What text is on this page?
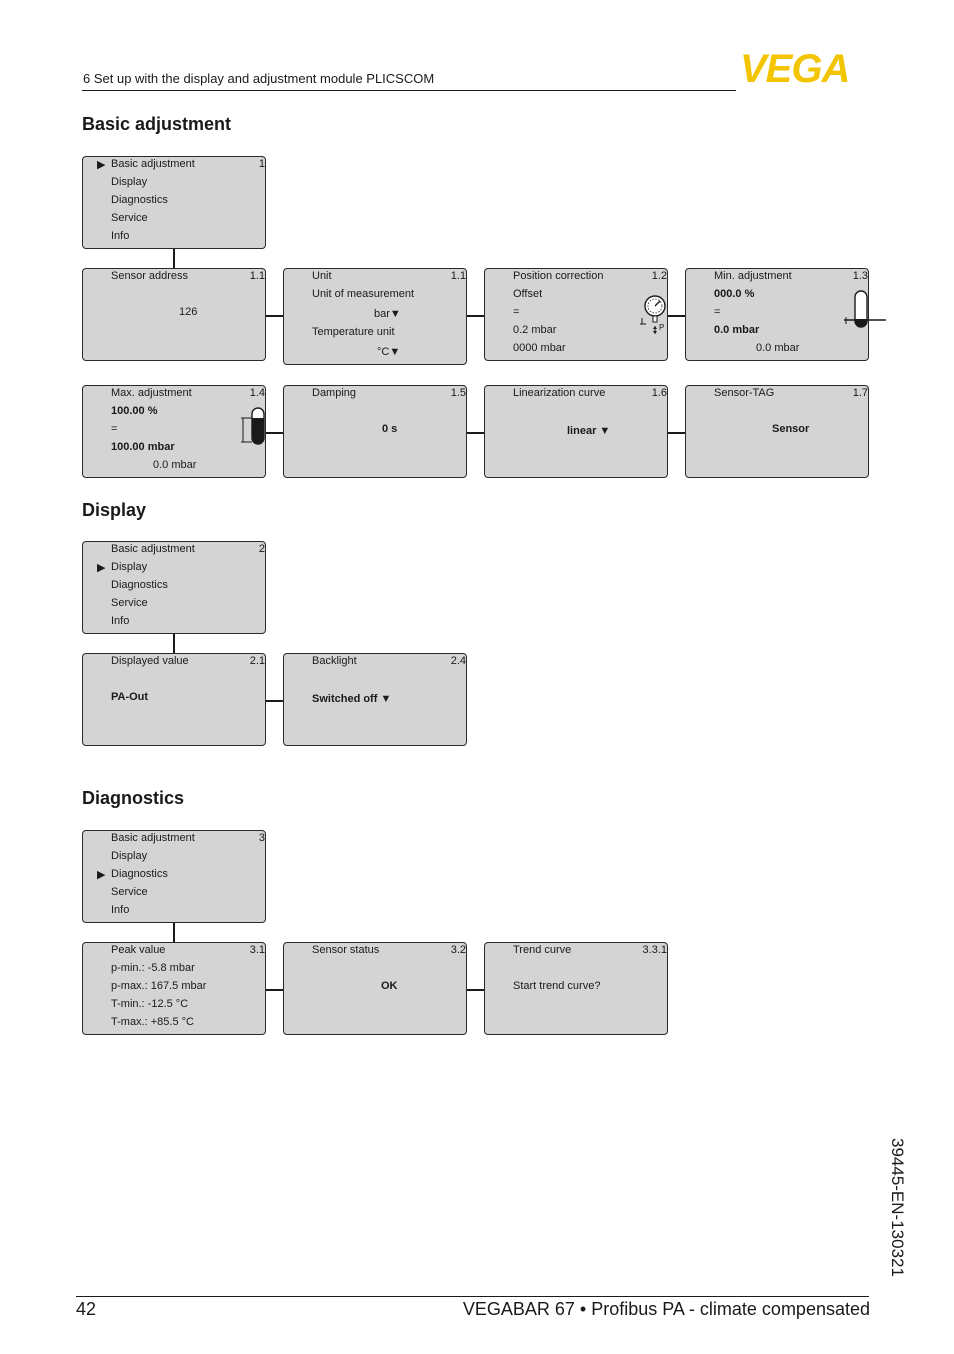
6 Set up with the display and adjustment module PLICSCOM	VEGA
Basic adjustment
▶ Basic adjustment
Display
Diagnostics
Service
Info
1
Sensor address	1.1
126
Unit	1.1
Unit of measurement
bar▼
Temperature unit
°C▼
Position correction	1.2
Offset
=
0.2 mbar
0000 mbar
P
Min. adjustment	1.3
000.0 %
=
0.0 mbar
0.0 mbar
Max. adjustment	1.4
100.00 %
=
100.00 mbar
0.0 mbar
Damping	1.5
0 s
Linearization curve	1.6
linear ▼
Sensor-TAG	1.7
Sensor
Display
Basic adjustment
▶ Display
Diagnostics
Service
Info
2
Displayed value	2.1
PA-Out
Backlight	2.4
Switched off ▼
Diagnostics
Basic adjustment
Display
▶ Diagnostics
Service
Info
3
Peak value	3.1
p-min.: -5.8 mbar
p-max.: 167.5 mbar
T-min.: -12.5 °C
T-max.: +85.5 °C
Sensor status	3.2
OK
Trend curve	3.3.1
Start trend curve?
39445-EN-130321
42	VEGABAR 67 • Profibus PA - climate compensated
